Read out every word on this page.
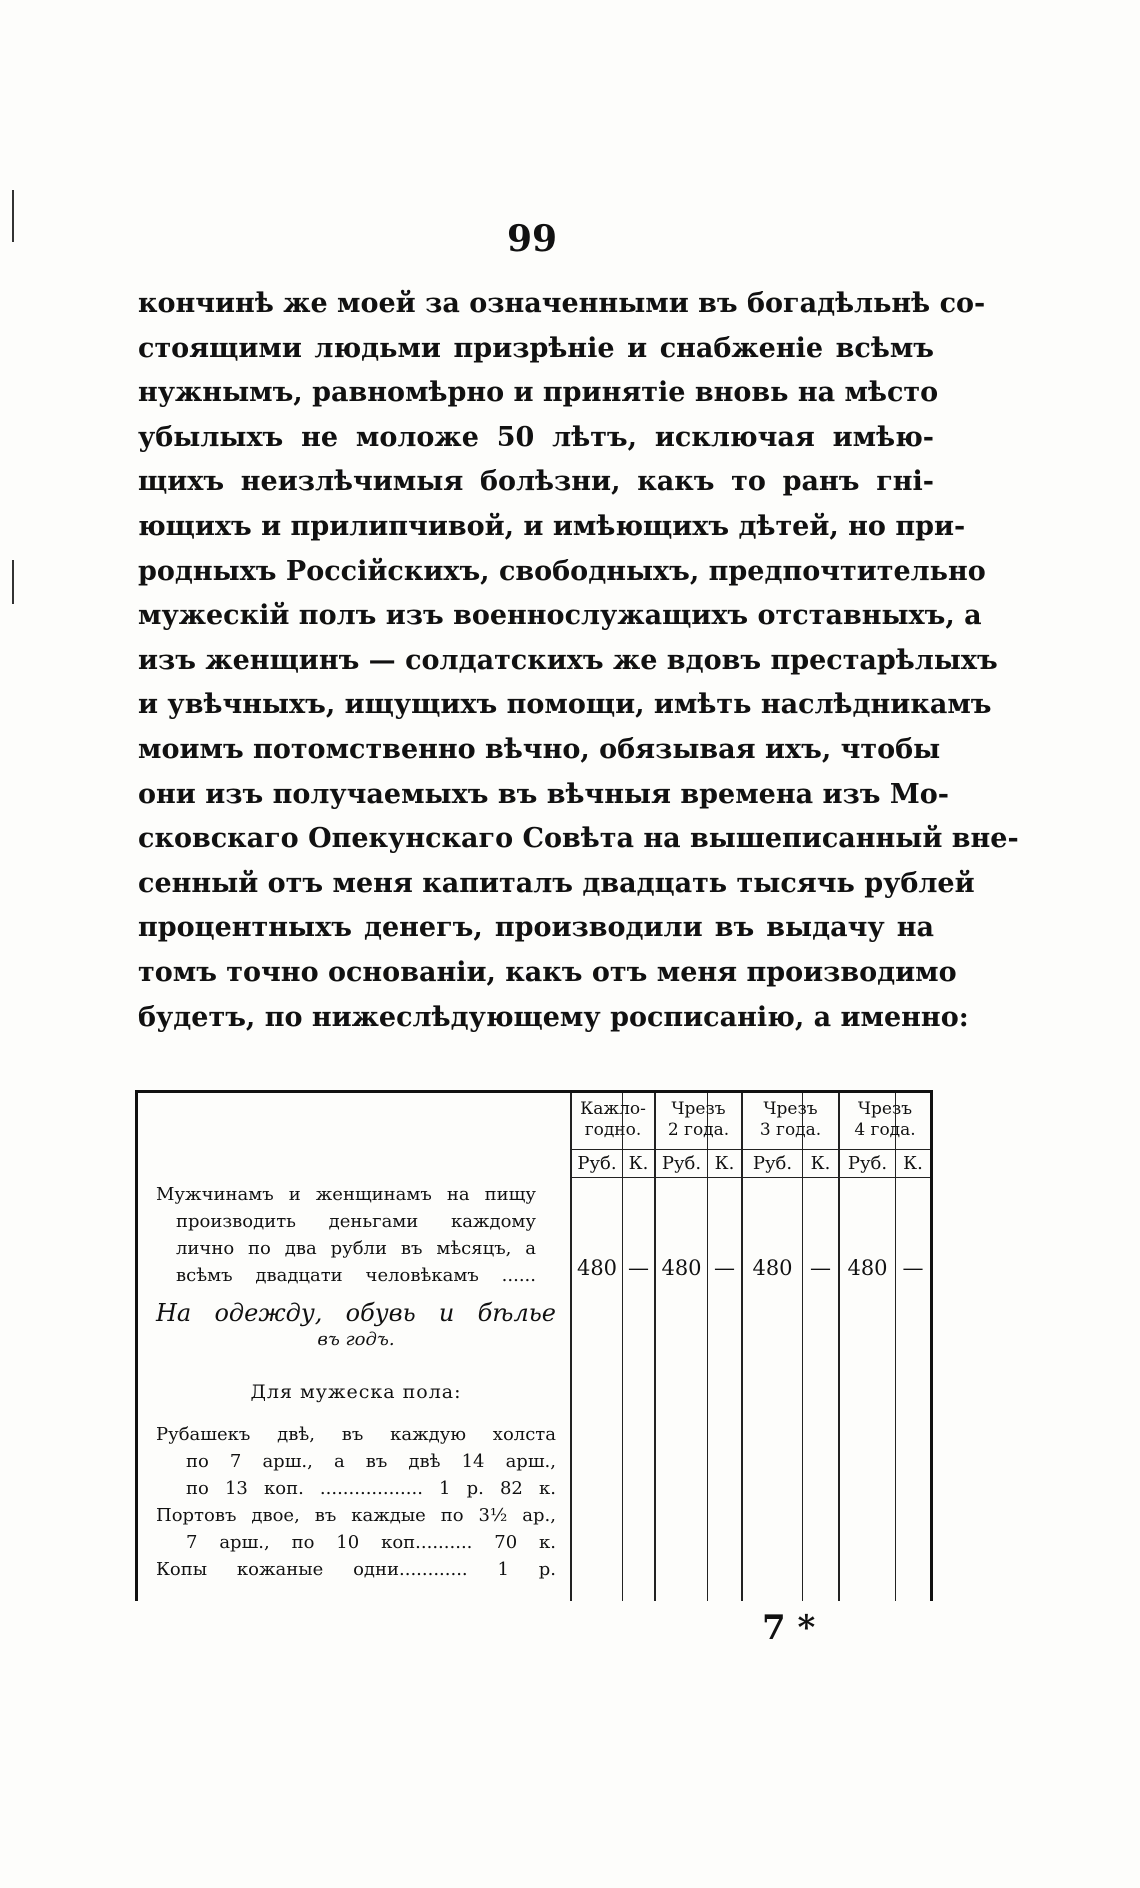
99
кончинѣ же моей за означенными въ богадѣльнѣ со-
стоящими людьми призрѣніе и снабженіе всѣмъ
нужнымъ, равномѣрно и принятіе вновь на мѣсто
убылыхъ не моложе 50 лѣтъ, исключая имѣю-
щихъ неизлѣчимыя болѣзни, какъ то ранъ гні-
ющихъ и прилипчивой, и имѣющихъ дѣтей, но при-
родныхъ Россійскихъ, свободныхъ, предпочтительно
мужескій полъ изъ военнослужащихъ отставныхъ, а
изъ женщинъ — солдатскихъ же вдовъ престарѣлыхъ
и увѣчныхъ, ищущихъ помощи, имѣть наслѣдникамъ
моимъ потомственно вѣчно, обязывая ихъ, чтобы
они изъ получаемыхъ въ вѣчныя времена изъ Мо-
сковскаго Опекунскаго Совѣта на вышеписанный вне-
сенный отъ меня капиталъ двадцать тысячь рублей
процентныхъ денегъ, производили въ выдачу на
томъ точно основаніи, какъ отъ меня производимо
будетъ, по нижеслѣдующему росписанію, а именно:
Кажло-
годно.
Чрезъ
2 года.
Чрезъ
3 года.
Чрезъ
4 года.
Руб. К. Руб. К.	Руб.	К. Руб. К.
Мужчинамъ и женщинамъ на пищу
производить деньгами каждому
лично по два рубли въ мѣсяцъ, а
всѣмъ двадцати человѣкамъ ...... 480 — 480 — 480 — 480 —
На одежду, обувь и бѣлье
въ годъ.
Для мужеска пола:
Рубашекъ двѣ, въ каждую холста
по 7 арш., а въ двѣ 14 арш.,
по 13 коп. .................. 1 р. 82 к.
Портовъ двое, въ каждые по 3½ ар.,
7 арш., по 10 коп.......... 70 к.
Копы кожаные одни............ 1 р.
7 *
